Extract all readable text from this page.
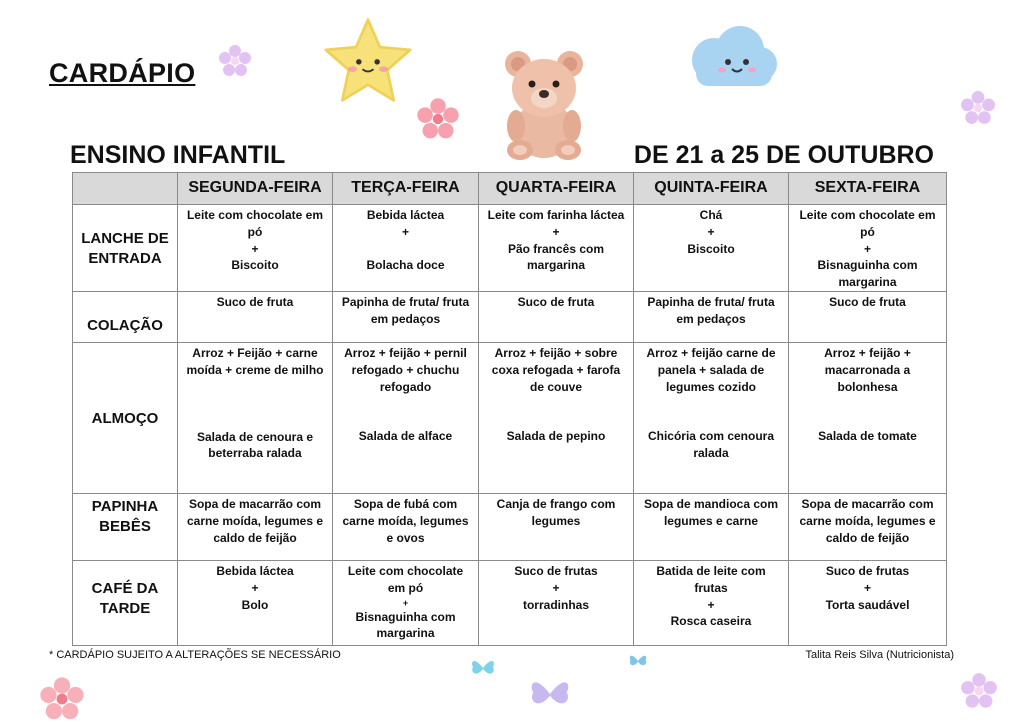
CARDÁPIO
ENSINO INFANTIL	DE 21 a 25 DE OUTUBRO
	SEGUNDA-FEIRA	TERÇA-FEIRA	QUARTA-FEIRA	QUINTA-FEIRA	SEXTA-FEIRA

LANCHE DE
ENTRADA	Leite com chocolate em
pó
+
Biscoito	Bebida láctea
+

Bolacha doce	Leite com farinha láctea
+
Pão francês com
margarina	Chá
+
Biscoito	Leite com chocolate em
pó
+
Bisnaguinha com
margarina

COLAÇÃO	Suco de fruta	Papinha de fruta/ fruta
em pedaços	Suco de fruta	Papinha de fruta/ fruta
em pedaços	Suco de fruta

ALMOÇO	Arroz + Feijão + carne
moída + creme de milho
Salada de cenoura e
beterraba ralada	Arroz + feijão + pernil
refogado + chuchu
refogado
Salada de alface	Arroz + feijão + sobre
coxa refogada + farofa
de couve
Salada de pepino	Arroz + feijão carne de
panela + salada de
legumes cozido
Chicória com cenoura
ralada	Arroz + feijão +
macarronada a
bolonhesa
Salada de tomate

PAPINHA
BEBÊS	Sopa de macarrão com
carne moída, legumes e
caldo de feijão	Sopa de fubá com
carne moída, legumes
e ovos	Canja de frango com
legumes	Sopa de mandioca com
legumes e carne	Sopa de macarrão com
carne moída, legumes e
caldo de feijão

CAFÉ DA
TARDE	Bebida láctea
+
Bolo	Leite com chocolate
em pó
+
Bisnaguinha com
margarina	Suco de frutas
+
torradinhas	Batida de leite com
frutas
+
Rosca caseira	Suco de frutas
+
Torta saudável
* CARDÁPIO SUJEITO A ALTERAÇÕES SE NECESSÁRIO	Talita Reis Silva (Nutricionista)
